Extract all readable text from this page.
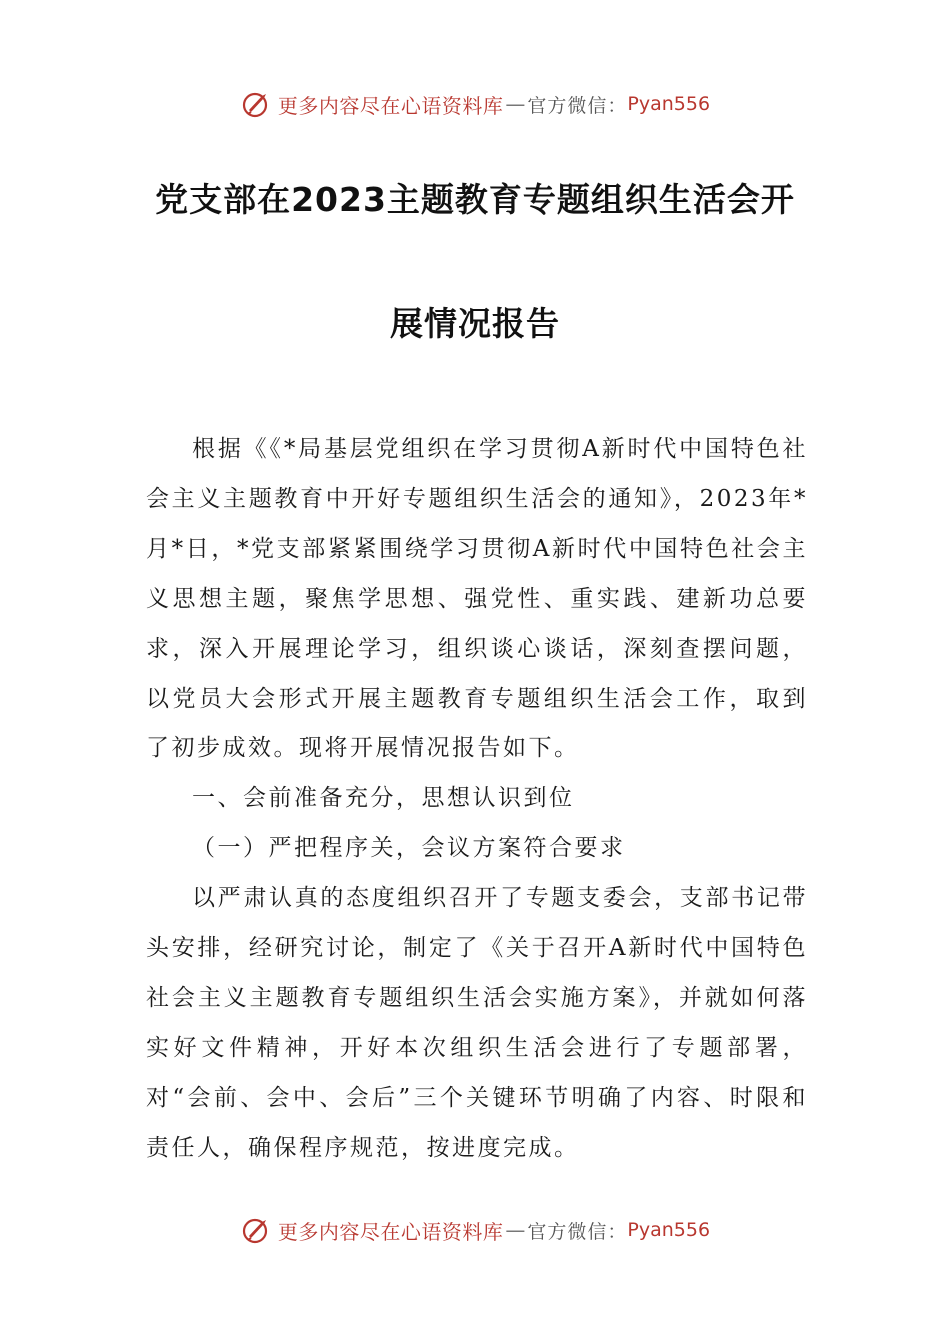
更多内容尽在心语资料库 — 官方微信： Pyan556
党支部在2023主题教育专题组织生活会开
展情况报告

根据《《*局基层党组织在学习贯彻A新时代中国特色社会主义主题教育中开好专题组织生活会的通知》，2023年*月*日，*党支部紧紧围绕学习贯彻A新时代中国特色社会主义思想主题，聚焦学思想、强党性、重实践、建新功总要求，深入开展理论学习，组织谈心谈话，深刻查摆问题，以党员大会形式开展主题教育专题组织生活会工作，取到了初步成效。现将开展情况报告如下。

一、会前准备充分，思想认识到位

（一）严把程序关，会议方案符合要求

以严肃认真的态度组织召开了专题支委会，支部书记带头安排，经研究讨论，制定了《关于召开A新时代中国特色社会主义主题教育专题组织生活会实施方案》，并就如何落实好文件精神，开好本次组织生活会进行了专题部署，对“会前、会中、会后”三个关键环节明确了内容、时限和责任人，确保程序规范，按进度完成。

更多内容尽在心语资料库 — 官方微信： Pyan556
